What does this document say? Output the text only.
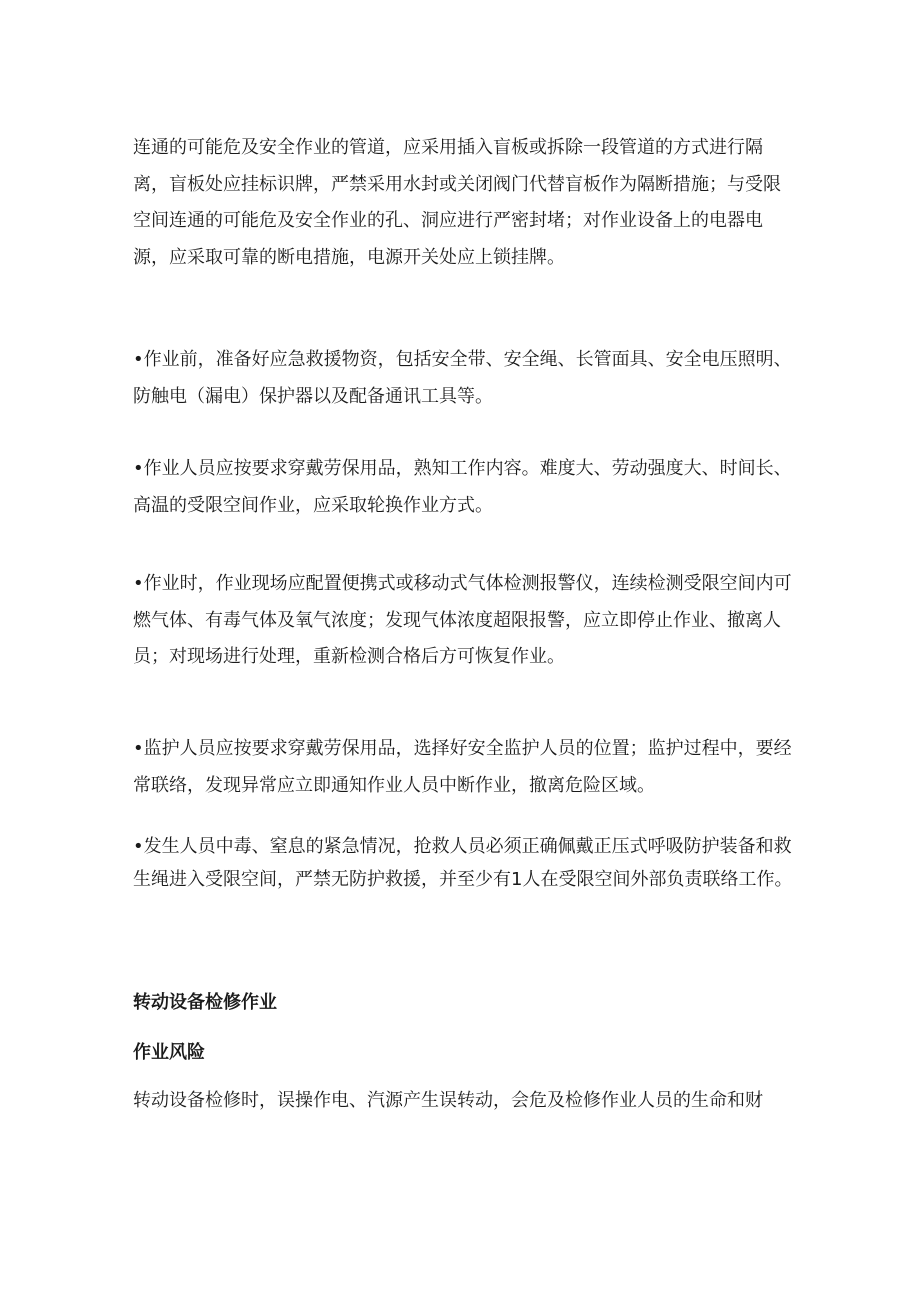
连通的可能危及安全作业的管道，应采用插入盲板或拆除一段管道的方式进行隔离，盲板处应挂标识牌，严禁采用水封或关闭阀门代替盲板作为隔断措施；与受限空间连通的可能危及安全作业的孔、洞应进行严密封堵；对作业设备上的电器电源，应采取可靠的断电措施，电源开关处应上锁挂牌。

•作业前，准备好应急救援物资，包括安全带、安全绳、长管面具、安全电压照明、防触电（漏电）保护器以及配备通讯工具等。

•作业人员应按要求穿戴劳保用品，熟知工作内容。难度大、劳动强度大、时间长、高温的受限空间作业，应采取轮换作业方式。

•作业时，作业现场应配置便携式或移动式气体检测报警仪，连续检测受限空间内可燃气体、有毒气体及氧气浓度；发现气体浓度超限报警，应立即停止作业、撤离人员；对现场进行处理，重新检测合格后方可恢复作业。

•监护人员应按要求穿戴劳保用品，选择好安全监护人员的位置；监护过程中，要经常联络，发现异常应立即通知作业人员中断作业，撤离危险区域。

•发生人员中毒、窒息的紧急情况，抢救人员必须正确佩戴正压式呼吸防护装备和救生绳进入受限空间，严禁无防护救援，并至少有1人在受限空间外部负责联络工作。

转动设备检修作业
作业风险

转动设备检修时，误操作电、汽源产生误转动，会危及检修作业人员的生命和财
